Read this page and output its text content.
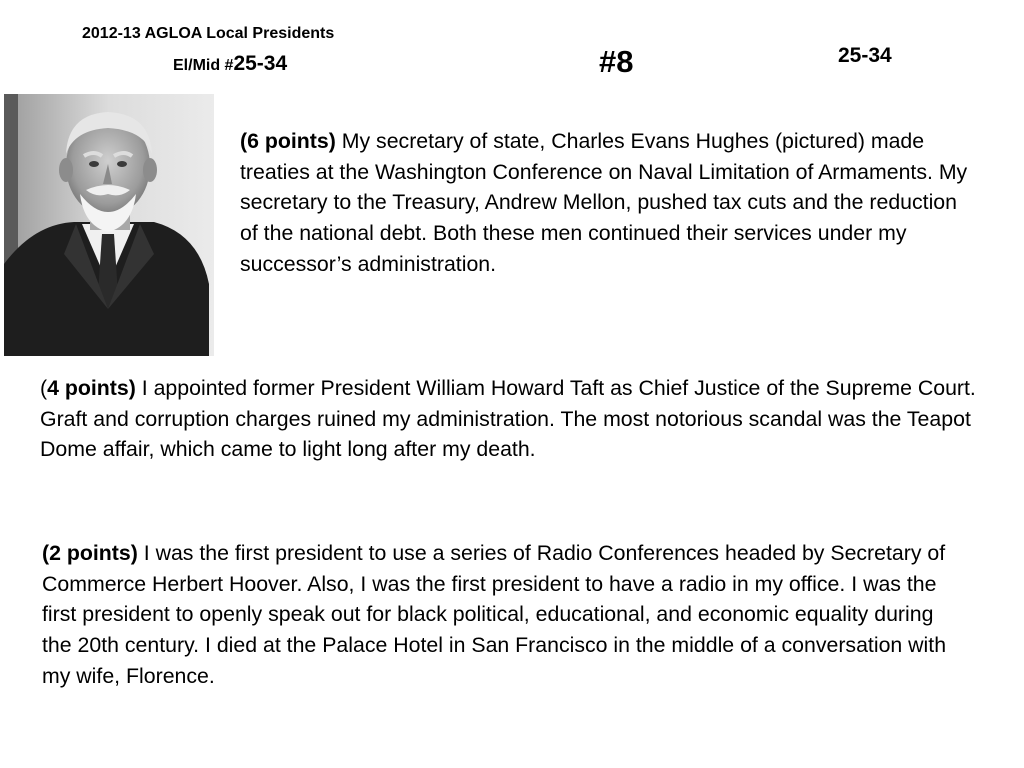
2012-13 AGLOA Local Presidents
El/Mid #25-34	#8	25-34

(6 points) My secretary of state, Charles Evans Hughes (pictured) made treaties at the Washington Conference on Naval Limitation of Armaments. My secretary to the Treasury, Andrew Mellon, pushed tax cuts and the reduction of the national debt. Both these men continued their services under my successor’s administration.

(4 points) I appointed former President William Howard Taft as Chief Justice of the Supreme Court. Graft and corruption charges ruined my administration. The most notorious scandal was the Teapot Dome affair, which came to light long after my death.

(2 points) I was the first president to use a series of Radio Conferences headed by Secretary of Commerce Herbert Hoover. Also, I was the first president to have a radio in my office. I was the first president to openly speak out for black political, educational, and economic equality during the 20th century. I died at the Palace Hotel in San Francisco in the middle of a conversation with my wife, Florence.
